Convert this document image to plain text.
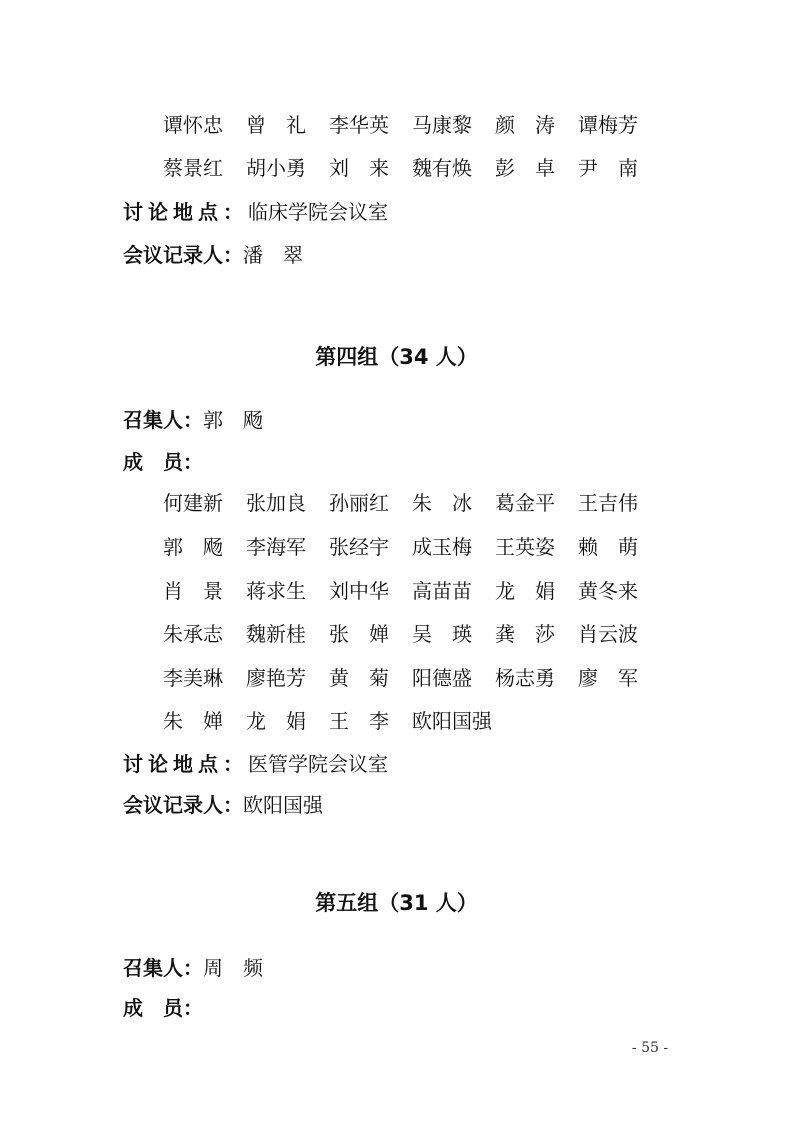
谭怀忠	曾　礼	李华英	马康黎	颜　涛	谭梅芳
蔡景红	胡小勇	刘　来	魏有焕	彭　卓	尹　南
讨论地点：临床学院会议室
会议记录人：潘　翠
第四组（34 人）
召集人：郭　飏
成　员：
何建新	张加良	孙丽红	朱　冰	葛金平	王吉伟
郭　飏	李海军	张经宇	成玉梅	王英姿	赖　萌
肖　景	蒋求生	刘中华	高苗苗	龙　娟	黄冬来
朱承志	魏新桂	张　婵	吴　瑛	龚　莎	肖云波
李美琳	廖艳芳	黄　菊	阳德盛	杨志勇	廖　军
朱　婵	龙　娟	王　李	欧阳国强
讨论地点：医管学院会议室
会议记录人：欧阳国强
第五组（31 人）
召集人：周　频
成　员：
- 55 -
